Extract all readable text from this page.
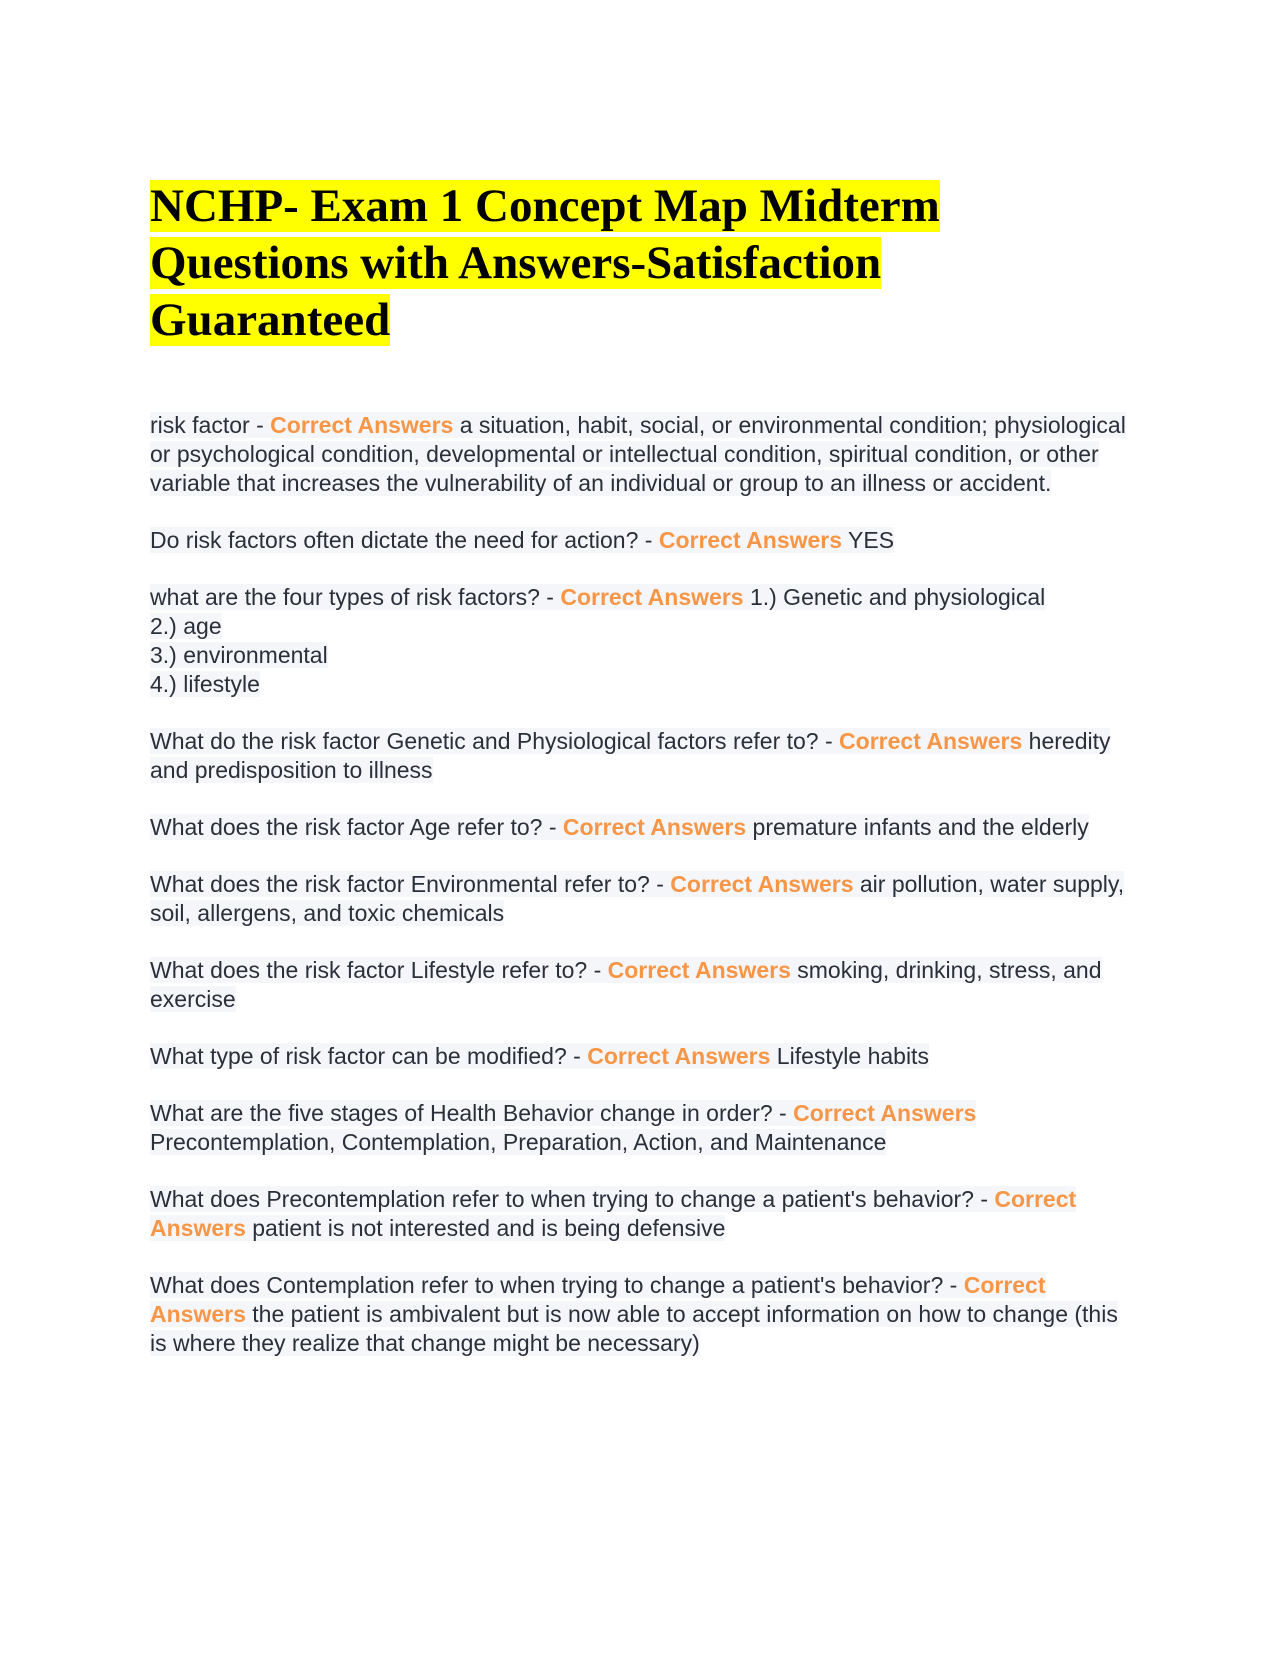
NCHP- Exam 1 Concept Map Midterm
Questions with Answers-Satisfaction
Guaranteed

risk factor - Correct Answers a situation, habit, social, or environmental condition; physiological or psychological condition, developmental or intellectual condition, spiritual condition, or other variable that increases the vulnerability of an individual or group to an illness or accident.

Do risk factors often dictate the need for action? - Correct Answers YES

what are the four types of risk factors? - Correct Answers 1.) Genetic and physiological
2.) age
3.) environmental
4.) lifestyle

What do the risk factor Genetic and Physiological factors refer to? - Correct Answers heredity and predisposition to illness

What does the risk factor Age refer to? - Correct Answers premature infants and the elderly

What does the risk factor Environmental refer to? - Correct Answers air pollution, water supply, soil, allergens, and toxic chemicals

What does the risk factor Lifestyle refer to? - Correct Answers smoking, drinking, stress, and exercise

What type of risk factor can be modified? - Correct Answers Lifestyle habits

What are the five stages of Health Behavior change in order? - Correct Answers Precontemplation, Contemplation, Preparation, Action, and Maintenance

What does Precontemplation refer to when trying to change a patient's behavior? - Correct Answers patient is not interested and is being defensive

What does Contemplation refer to when trying to change a patient's behavior? - Correct Answers the patient is ambivalent but is now able to accept information on how to change (this is where they realize that change might be necessary)
